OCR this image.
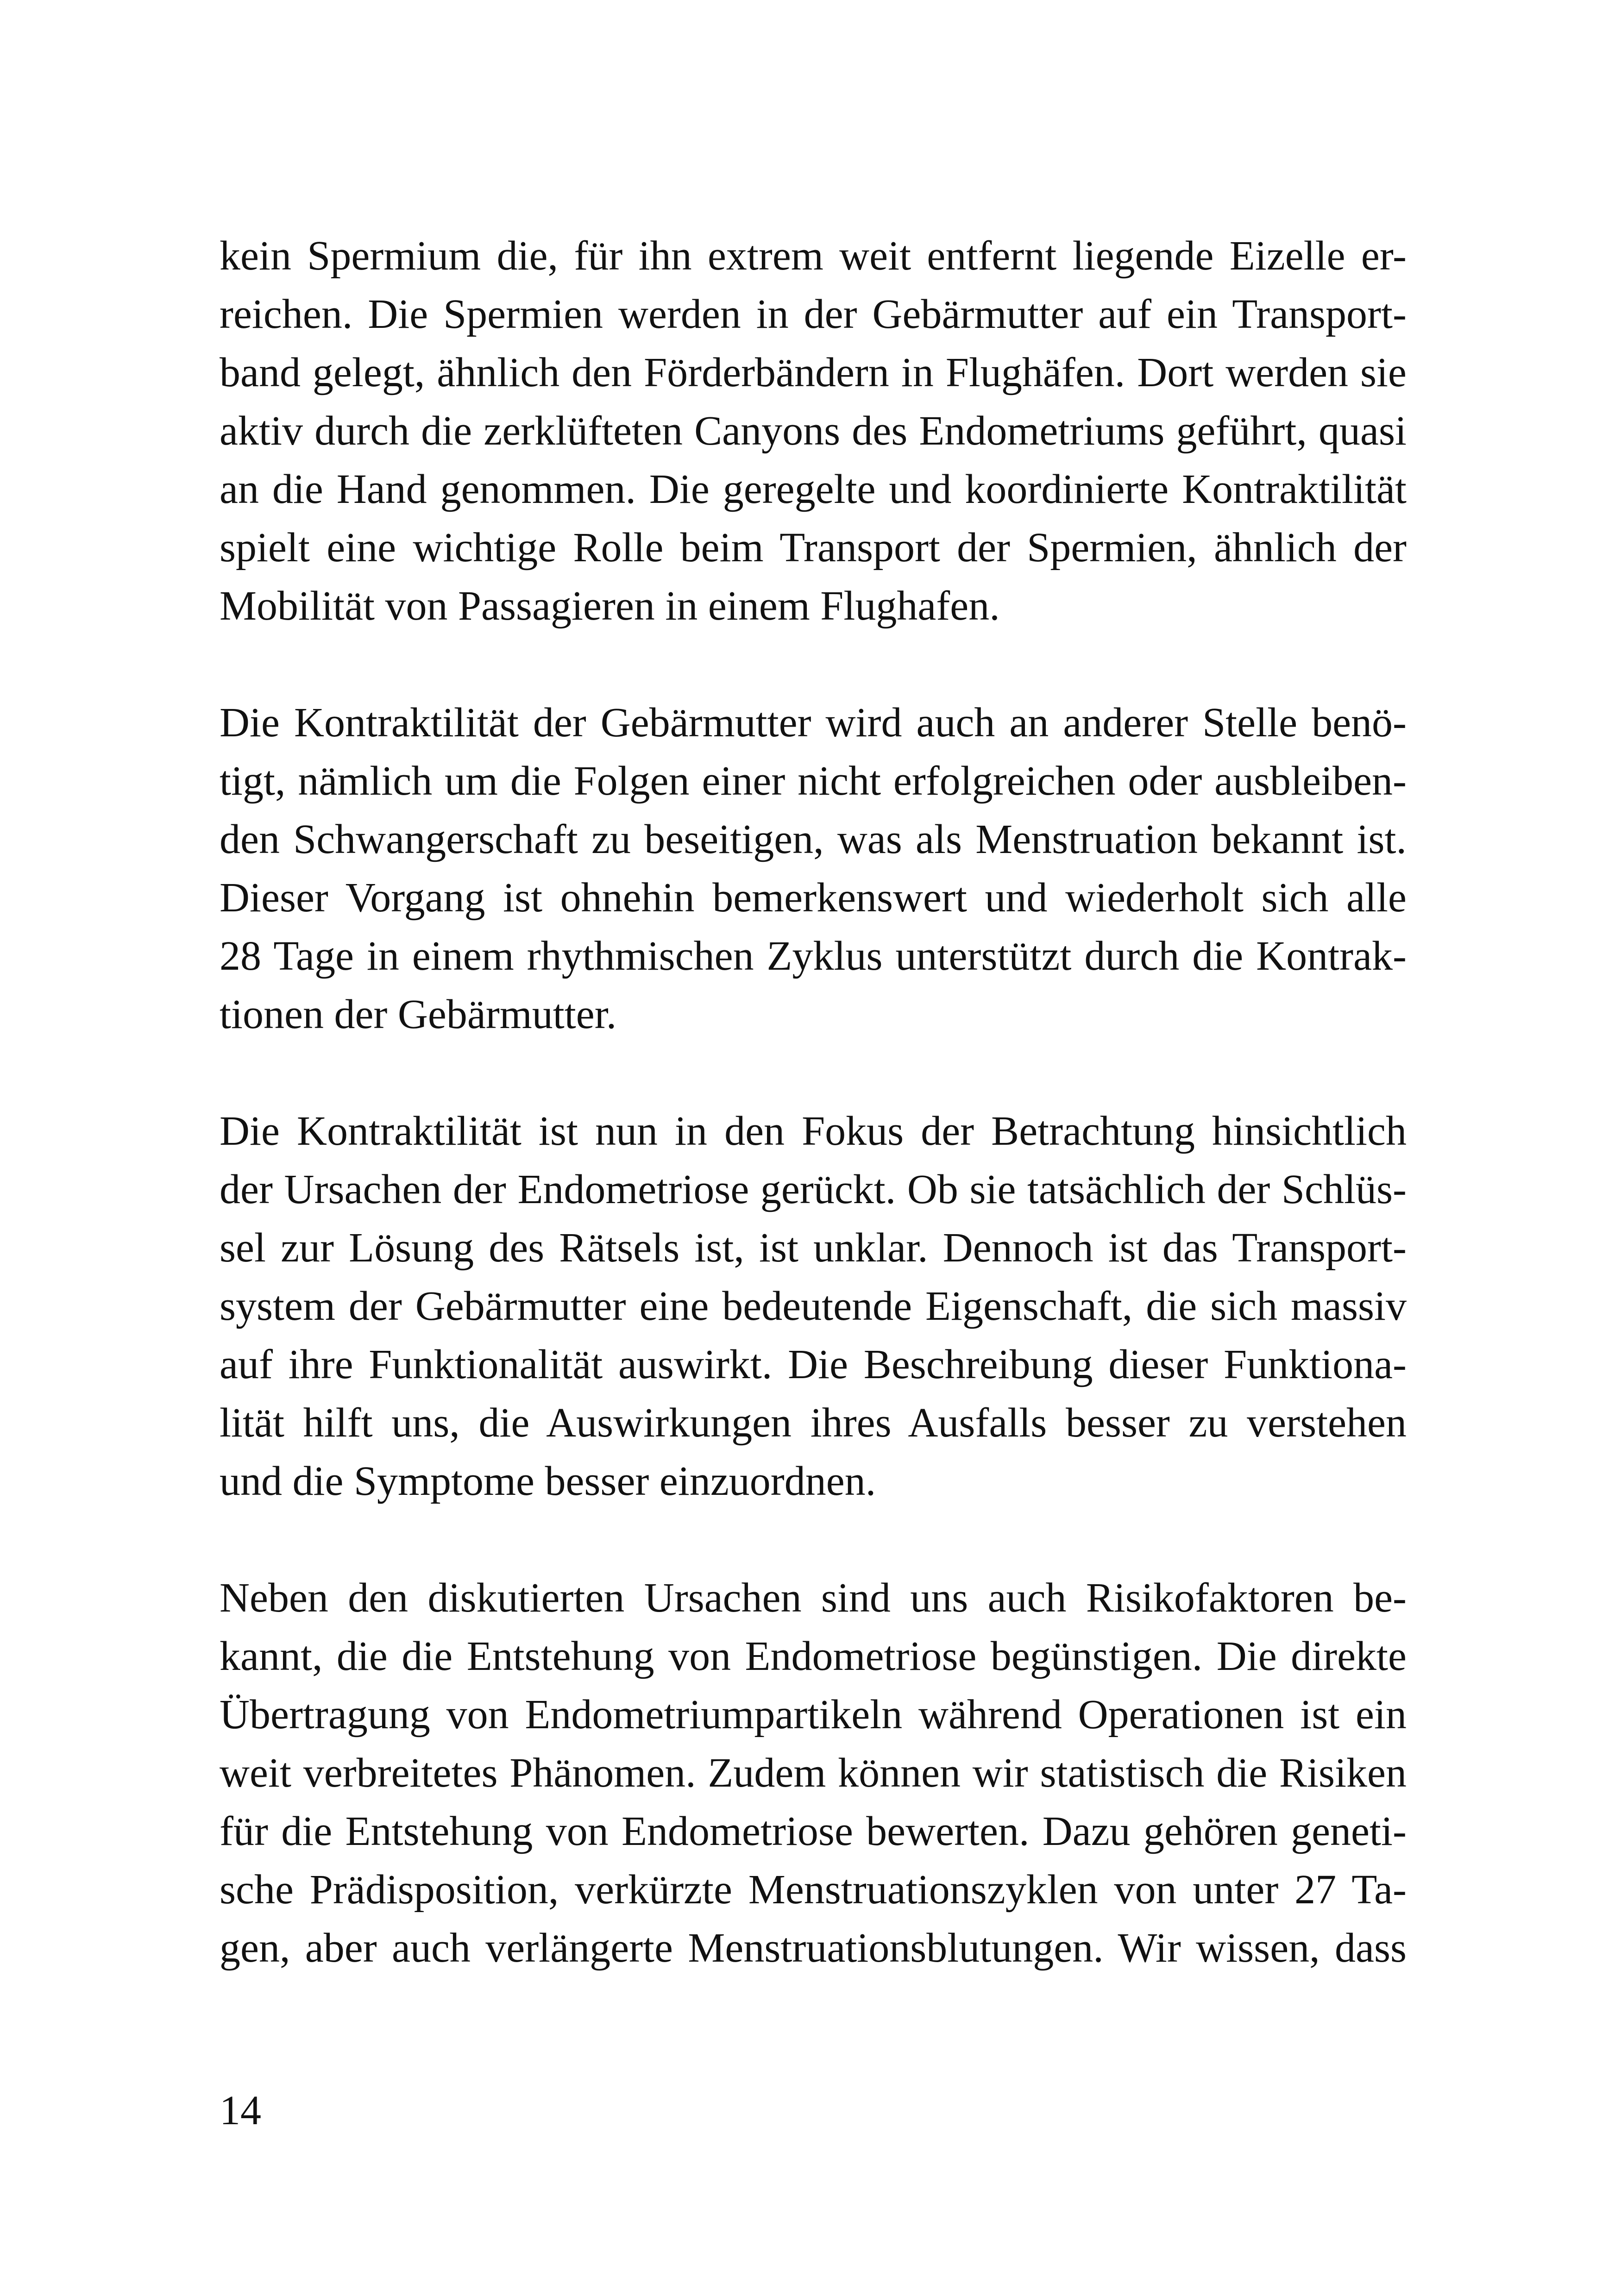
kein Spermium die, für ihn extrem weit entfernt liegende Eizelle er-
reichen. Die Spermien werden in der Gebärmutter auf ein Transport-
band gelegt, ähnlich den Förderbändern in Flughäfen. Dort werden sie
aktiv durch die zerklüfteten Canyons des Endometriums geführt, quasi
an die Hand genommen. Die geregelte und koordinierte Kontraktilität
spielt eine wichtige Rolle beim Transport der Spermien, ähnlich der
Mobilität von Passagieren in einem Flughafen.

Die Kontraktilität der Gebärmutter wird auch an anderer Stelle benö-
tigt, nämlich um die Folgen einer nicht erfolgreichen oder ausbleiben-
den Schwangerschaft zu beseitigen, was als Menstruation bekannt ist.
Dieser Vorgang ist ohnehin bemerkenswert und wiederholt sich alle
28 Tage in einem rhythmischen Zyklus unterstützt durch die Kontrak-
tionen der Gebärmutter.

Die Kontraktilität ist nun in den Fokus der Betrachtung hinsichtlich
der Ursachen der Endometriose gerückt. Ob sie tatsächlich der Schlüs-
sel zur Lösung des Rätsels ist, ist unklar. Dennoch ist das Transport-
system der Gebärmutter eine bedeutende Eigenschaft, die sich massiv
auf ihre Funktionalität auswirkt. Die Beschreibung dieser Funktiona-
lität hilft uns, die Auswirkungen ihres Ausfalls besser zu verstehen
und die Symptome besser einzuordnen.

Neben den diskutierten Ursachen sind uns auch Risikofaktoren be-
kannt, die die Entstehung von Endometriose begünstigen. Die direkte
Übertragung von Endometriumpartikeln während Operationen ist ein
weit verbreitetes Phänomen. Zudem können wir statistisch die Risiken
für die Entstehung von Endometriose bewerten. Dazu gehören geneti-
sche Prädisposition, verkürzte Menstruationszyklen von unter 27 Ta-
gen, aber auch verlängerte Menstruationsblutungen. Wir wissen, dass

14
